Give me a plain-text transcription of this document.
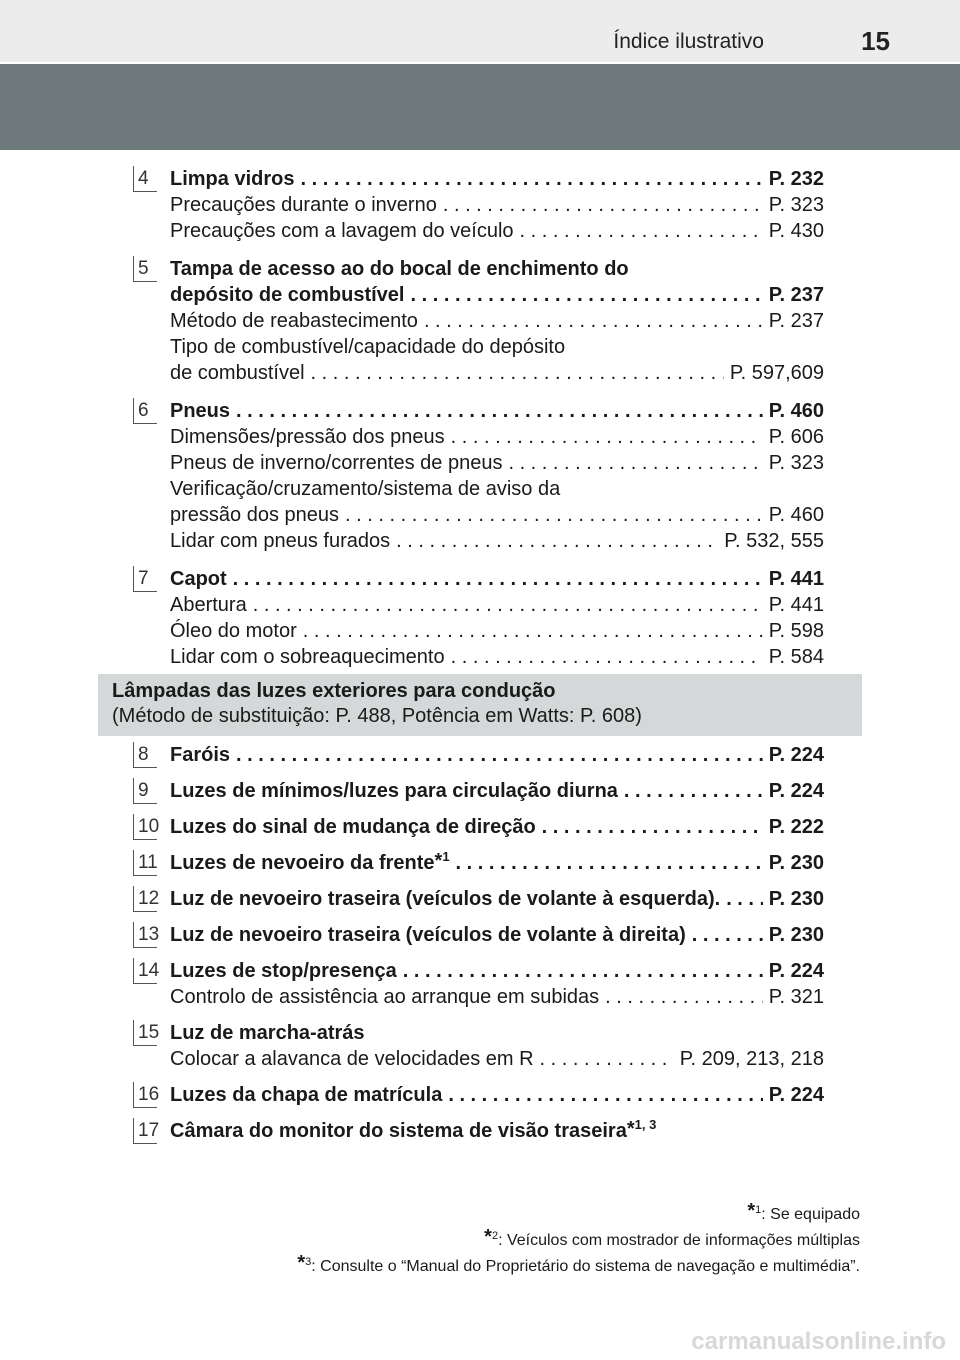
Índice ilustrativo	15
4	Limpa vidros . . .	P. 232
Precauções durante o inverno . . .	P. 323
Precauções com a lavagem do veículo . . .	P. 430
5	Tampa de acesso ao do bocal de enchimento do
depósito de combustível . . .	P. 237
Método de reabastecimento . . .	P. 237
Tipo de combustível/capacidade do depósito
de combustível . . .	P. 597,609
6	Pneus . . .	P. 460
Dimensões/pressão dos pneus . . .	P. 606
Pneus de inverno/correntes de pneus . . .	P. 323
Verificação/cruzamento/sistema de aviso da
pressão dos pneus . . .	P. 460
Lidar com pneus furados . . .	P. 532, 555
7	Capot . . .	P. 441
Abertura . . .	P. 441
Óleo do motor . . .	P. 598
Lidar com o sobreaquecimento . . .	P. 584
Lâmpadas das luzes exteriores para condução
(Método de substituição: P. 488, Potência em Watts: P. 608)
8	Faróis . . .	P. 224
9	Luzes de mínimos/luzes para circulação diurna . . .	P. 224
10 Luzes do sinal de mudança de direção . . .	P. 222
11 Luzes de nevoeiro da frente*$^1$ . . .	P. 230
12 Luz de nevoeiro traseira (veículos de volante à esquerda). . . . P. 230
13 Luz de nevoeiro traseira (veículos de volante à direita) . . .	P. 230
14 Luzes de stop/presença . . .	P. 224
Controlo de assistência ao arranque em subidas . . .	P. 321
15 Luz de marcha-atrás
Colocar a alavanca de velocidades em R . . .	P. 209, 213, 218
16 Luzes da chapa de matrícula . . .	P. 224
17 Câmara do monitor do sistema de visão traseira*$^{1, 3}$
*$^1$: Se equipado
*$^2$: Veículos com mostrador de informações múltiplas
*$^3$: Consulte o “Manual do Proprietário do sistema de navegação e multimédia”.
carmanualsonline.info
